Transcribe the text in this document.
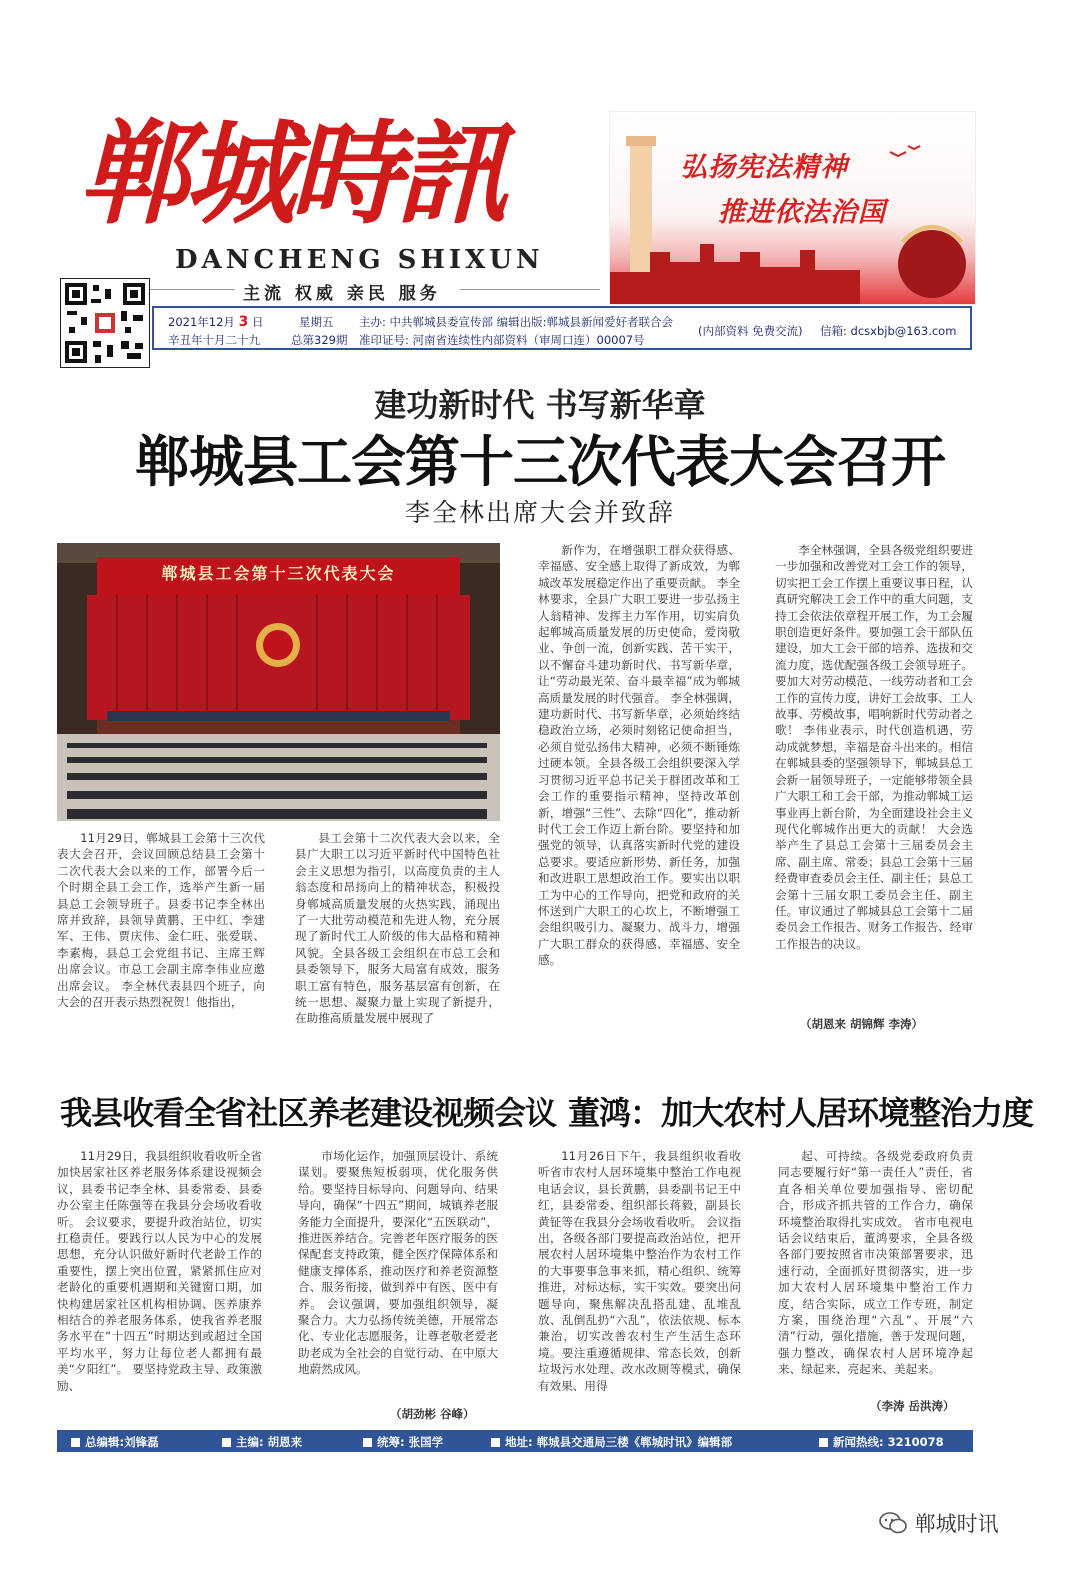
郸城時訊
DANCHENG SHIXUN
主流 权威 亲民 服务
弘扬宪法精神
推进依法治国
2021年12月 3 日	星期五 主办: 中共郸城县委宣传部 编辑出版:郸城县新闻爱好者联合会
辛丑年十月二十九	总第329期 准印证号: 河南省连续性内部资料（审周口连）00007号
(内部资料 免费交流) 信箱: dcsxbjb@163.com
建功新时代 书写新华章
郸城县工会第十三次代表大会召开
李全林出席大会并致辞
郸城县工会第十三次代表大会

11月29日，郸城县工会第十三次代表大会召开，会议回顾总结县工会第十二次代表大会以来的工作，部署今后一个时期全县工会工作，选举产生新一届县总工会领导班子。县委书记李全林出席并致辞，县领导黄鹏、王中红、李建军、王伟、贾庆伟、金仁旺、张爱联、李素梅，县总工会党组书记、主席王辉出席会议。市总工会副主席李伟业应邀出席会议。 李全林代表县四个班子，向大会的召开表示热烈祝贺！他指出，

县工会第十二次代表大会以来，全县广大职工以习近平新时代中国特色社会主义思想为指引，以高度负责的主人翁态度和昂扬向上的精神状态，积极投身郸城高质量发展的火热实践，涌现出了一大批劳动模范和先进人物，充分展现了新时代工人阶级的伟大品格和精神风貌。全县各级工会组织在市总工会和县委领导下，服务大局富有成效，服务职工富有特色，服务基层富有创新，在统一思想、凝聚力量上实现了新提升，在助推高质量发展中展现了

新作为，在增强职工群众获得感、幸福感、安全感上取得了新成效，为郸城改革发展稳定作出了重要贡献。 李全林要求，全县广大职工要进一步弘扬主人翁精神、发挥主力军作用，切实肩负起郸城高质量发展的历史使命，爱岗敬业、争创一流，创新实践、苦干实干，以不懈奋斗建功新时代、书写新华章，让“劳动最光荣、奋斗最幸福”成为郸城高质量发展的时代强音。 李全林强调，建功新时代、书写新华章，必须始终结稳政治立场，必须时刻铭记使命担当，必须自觉弘扬伟大精神，必须不断锤炼过硬本领。全县各级工会组织要深入学习贯彻习近平总书记关于群团改革和工会工作的重要指示精神，坚持改革创新，增强“三性”、去除“四化”，推动新时代工会工作迈上新台阶。要坚持和加强党的领导，认真落实新时代党的建设总要求。要适应新形势、新任务，加强和改进职工思想政治工作。要实出以职工为中心的工作导向，把党和政府的关怀送到广大职工的心坎上，不断增强工会组织吸引力、凝聚力、战斗力，增强广大职工群众的获得感、幸福感、安全感。

李全林强调，全县各级党组织要进一步加强和改善党对工会工作的领导，切实把工会工作摆上重要议事日程，认真研究解决工会工作中的重大问题，支持工会依法依章程开展工作，为工会履职创造更好条件。要加强工会干部队伍建设，加大工会干部的培养、选拔和交流力度，选优配强各级工会领导班子。要加大对劳动模范、一线劳动者和工会工作的宣传力度，讲好工会故事、工人故事、劳模故事，唱响新时代劳动者之歌！ 李伟业表示，时代创造机遇，劳动成就梦想，幸福是奋斗出来的。相信在郸城县委的坚强领导下，郸城县总工会新一届领导班子，一定能够带领全县广大职工和工会干部，为推动郸城工运事业再上新台阶，为全面建设社会主义现代化郸城作出更大的贡献！ 大会选举产生了县总工会第十三届委员会主席、副主席、常委；县总工会第十三届经费审查委员会主任、副主任；县总工会第十三届女职工委员会主任、副主任。审议通过了郸城县总工会第十二届委员会工作报告、财务工作报告、经审工作报告的决议。

（胡恩来 胡锦辉 李涛）
我县收看全省社区养老建设视频会议

11月29日，我县组织收看收听全省加快居家社区养老服务体系建设视频会议，县委书记李全林、县委常委、县委办公室主任陈强等在我县分会场收看收听。 会议要求，要提升政治站位，切实扛稳责任。要践行以人民为中心的发展思想，充分认识做好新时代老龄工作的重要性，摆上突出位置，紧紧抓住应对老龄化的重要机遇期和关键窗口期，加快构建居家社区机构相协调、医养康养相结合的养老服务体系，使我省养老服务水平在“十四五”时期达到或超过全国平均水平，努力让每位老人都拥有最美“夕阳红”。 要坚持党政主导、政策激励、

市场化运作，加强顶层设计、系统谋划。要聚焦短板弱项，优化服务供给。要坚持目标导向、问题导向、结果导向，确保“十四五”期间，城镇养老服务能力全面提升，要深化“五医联动”，推进医养结合。完善老年医疗服务的医保配套支持政策，健全医疗保障体系和健康支撑体系，推动医疗和养老资源整合、服务衔接，做到养中有医、医中有养。 会议强调，要加强组织领导，凝聚合力。大力弘扬传统美德，开展常态化、专业化志愿服务，让尊老敬老爱老助老成为全社会的自觉行动、在中原大地蔚然成风。

（胡劲彬 谷峰）
董鸿：加大农村人居环境整治力度

11月26日下午，我县组织收看收听省市农村人居环境集中整治工作电视电话会议，县长黄鹏，县委副书记王中红，县委常委、组织部长蒋毅，副县长黄钲等在我县分会场收看收听。 会议指出，各级各部门要提高政治站位，把开展农村人居环境集中整治作为农村工作的大事要事急事来抓，精心组织、统筹推进，对标达标，实干实效。要突出问题导向，聚焦解决乱搭乱建、乱堆乱放、乱倒乱扔“六乱”，依法依规、标本兼治，切实改善农村生产生活生态环境。要注重遵循规律、常态长效，创新垃圾污水处理、改水改厕等模式，确保有效果、用得

起、可持续。各级党委政府负责同志要履行好“第一责任人”责任，省直各相关单位要加强指导、密切配合，形成齐抓共管的工作合力，确保环境整治取得扎实成效。 省市电视电话会议结束后，董鸿要求，全县各级各部门要按照省市决策部署要求，迅速行动，全面抓好贯彻落实，进一步加大农村人居环境集中整治工作力度，结合实际，成立工作专班，制定方案，围绕治理“六乱”、开展“六清”行动，强化措施，善于发现问题，强力整改，确保农村人居环境净起来、绿起来、亮起来、美起来。

（李涛 岳洪涛）
总编辑:刘锋磊	主编: 胡恩来	统筹: 张国学	地址: 郸城县交通局三楼《郸城时讯》编辑部	新闻热线: 3210078
郸城时讯
